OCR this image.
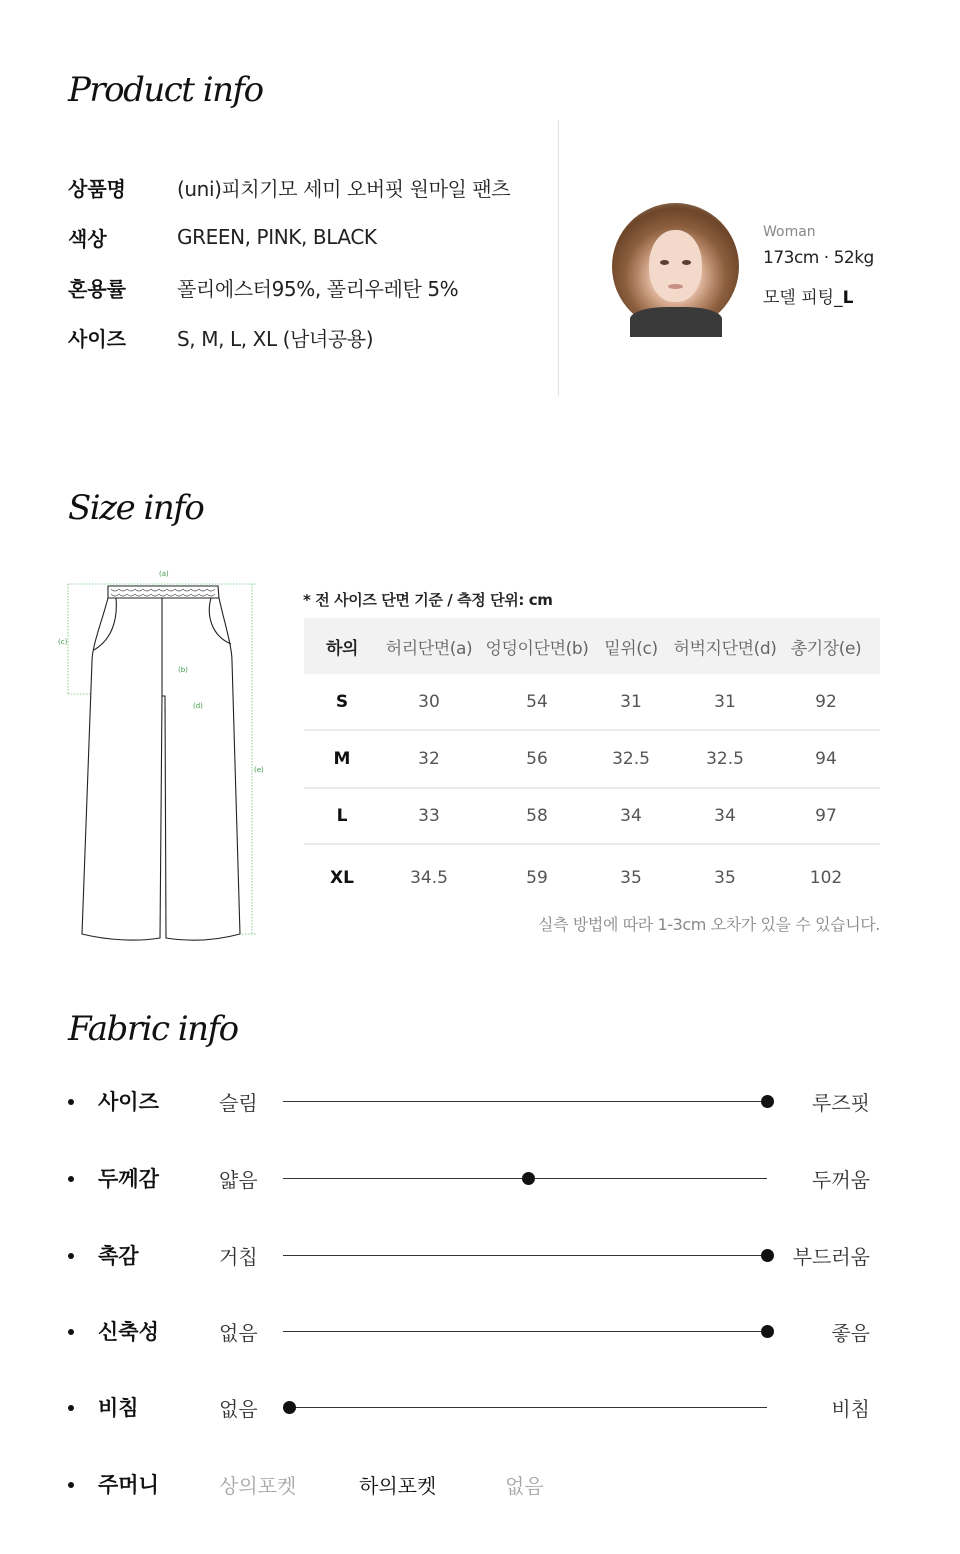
Product info
상품명	(uni)피치기모 세미 오버핏 원마일 팬츠
색상	GREEN, PINK, BLACK
혼용률	폴리에스터95%, 폴리우레탄 5%
사이즈	S, M, L, XL (남녀공용)
Woman
173cm · 52kg
모델 피팅_L
Size info
(a)
(c)
(b)
(d)
(e)
* 전 사이즈 단면 기준 / 측정 단위: cm
하의	허리단면(a) 엉덩이단면(b) 밑위(c) 허벅지단면(d) 총기장(e)
S	30	54	31	31	92
M	32	56	32.5	32.5	94
L	33	58	34	34	97
XL	34.5	59	35	35	102
실측 방법에 따라 1-3cm 오차가 있을 수 있습니다.
Fabric info
사이즈	슬림	루즈핏
두께감	얇음	두꺼움
촉감	거칩	부드러움
신축성	없음	좋음
비침	없음	비침
주머니	상의포켓	하의포켓	없음
